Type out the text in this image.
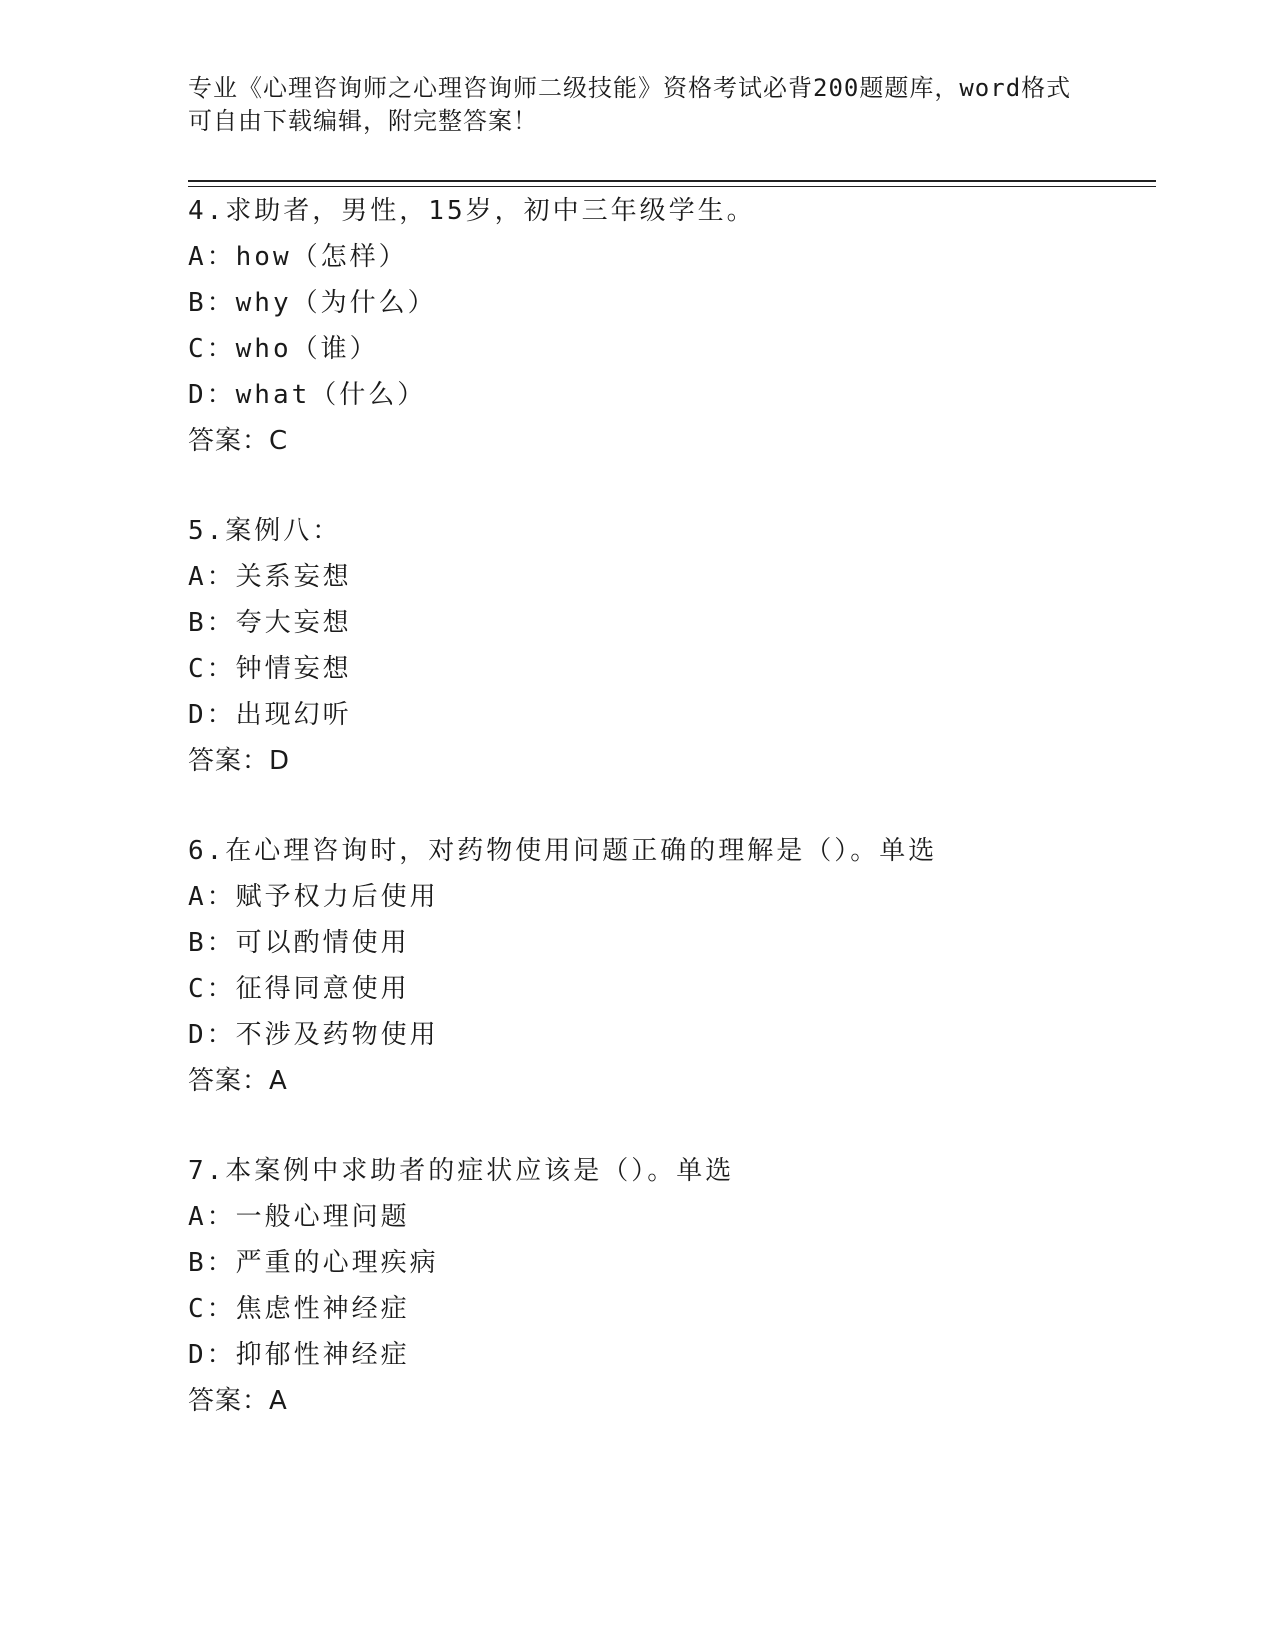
专业《心理咨询师之心理咨询师二级技能》资格考试必背200题题库，word格式
可自由下载编辑，附完整答案！
4.求助者，男性，15岁，初中三年级学生。
A：how（怎样）
B：why（为什么）
C：who（谁）
D：what（什么）
答案：C
5.案例八：
A：关系妄想
B：夸大妄想
C：钟情妄想
D：出现幻听
答案：D
6.在心理咨询时，对药物使用问题正确的理解是（）。单选
A：赋予权力后使用
B：可以酌情使用
C：征得同意使用
D：不涉及药物使用
答案：A
7.本案例中求助者的症状应该是（）。单选
A：一般心理问题
B：严重的心理疾病
C：焦虑性神经症
D：抑郁性神经症
答案：A
